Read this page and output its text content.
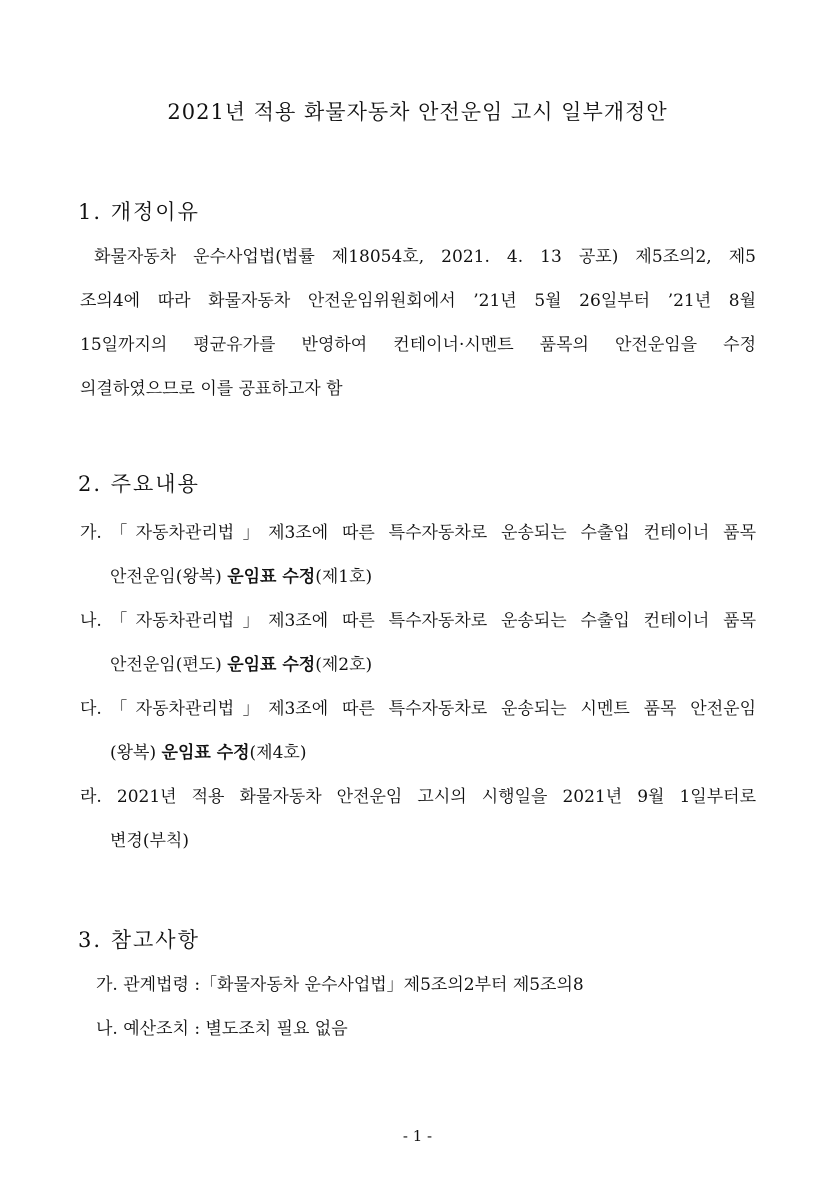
2021년 적용 화물자동차 안전운임 고시 일부개정안
1. 개정이유
화물자동차 운수사업법(법률 제18054호, 2021. 4. 13 공포) 제5조의2, 제5
조의4에 따라 화물자동차 안전운임위원회에서 ’21년 5월 26일부터 ’21년 8월
15일까지의 평균유가를 반영하여 컨테이너·시멘트 품목의 안전운임을 수정
의결하였으므로 이를 공표하고자 함
2. 주요내용
가.「자동차관리법」제3조에 따른 특수자동차로 운송되는 수출입 컨테이너 품목
안전운임(왕복) 운임표 수정(제1호)
나.「자동차관리법」제3조에 따른 특수자동차로 운송되는 수출입 컨테이너 품목
안전운임(편도) 운임표 수정(제2호)
다.「자동차관리법」제3조에 따른 특수자동차로 운송되는 시멘트 품목 안전운임
(왕복) 운임표 수정(제4호)
라. 2021년 적용 화물자동차 안전운임 고시의 시행일을 2021년 9월 1일부터로
변경(부칙)
3. 참고사항
가. 관계법령 :「화물자동차 운수사업법」제5조의2부터 제5조의8
나. 예산조치 : 별도조치 필요 없음
- 1 -
